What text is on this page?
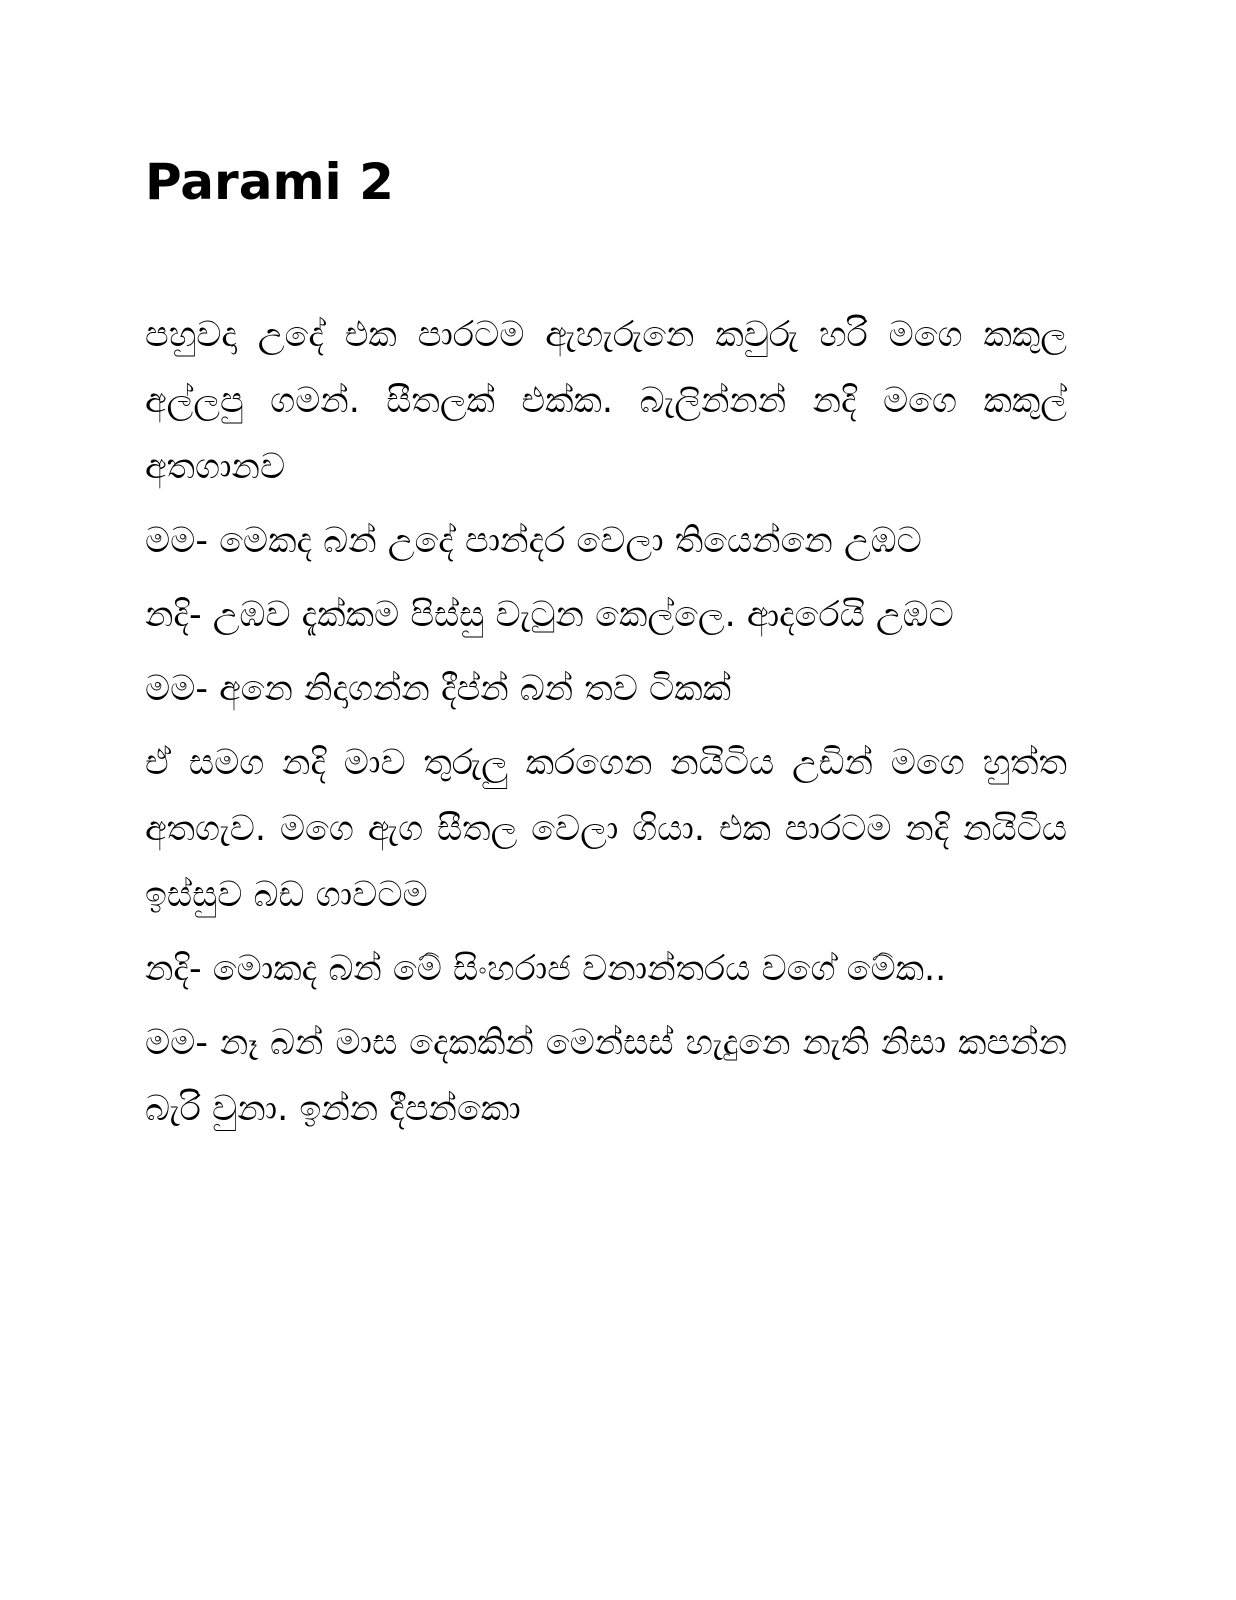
Parami 2

පහුවදා උදේ එක පාරටම ඇහැරුනෙ කවුරු හරි මගෙ කකුල අල්ලපු ගමන්. සීතලක් එක්ක. බැලින්නන් නදි මගෙ කකුල් අතගානව

මම- මෙකද බන් උදේ පාන්දර වෙලා තියෙන්නෙ උඹට

නදි- උඹව දැක්කම පිස්සු වැටුන කෙල්ලෙ. ආදරෙයි උඹට

මම- අනෙ නිදාගන්න දීප්න් බන් තව ටිකක්

ඒ සමග නදි මාව තුරුලු කරගෙන නයිටිය උඩින් මගෙ හුත්ත අතගැව. මගෙ ඇග සීතල වෙලා ගියා. එක පාරටම නදි නයිටිය ඉස්සුව බඩ ගාවටම

නදි- මොකද බන් මේ සිංහරාජ වනාන්තරය වගේ මේක..

මම- නෑ බන් මාස දෙකකින් මෙන්සස් හැදුනෙ නැති නිසා කපන්න බැරි වුනා. ඉන්න දීපන්කො
